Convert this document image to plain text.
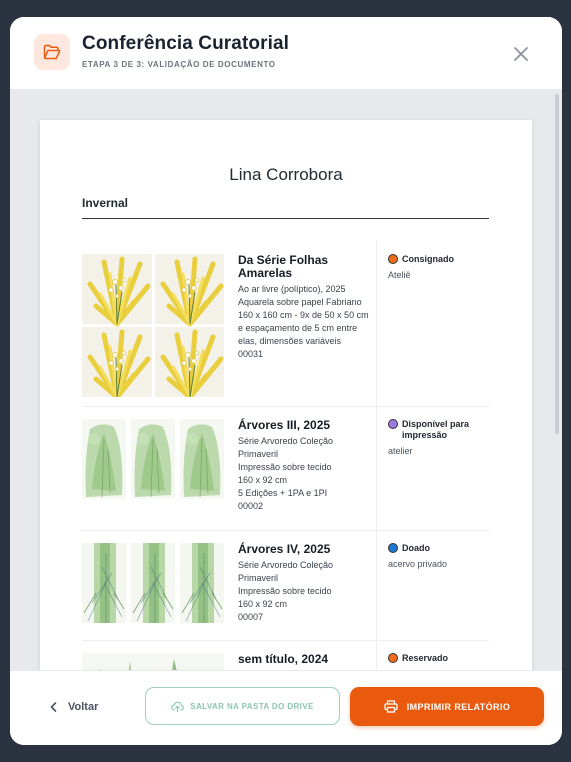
Conferência Curatorial
ETAPA 3 DE 3: VALIDAÇÃO DE DOCUMENTO
Lina Corrobora
Invernal
Da Série Folhas Amarelas
Ao ar livre (políptico), 2025
Aquarela sobre papel Fabriano
160 x 160 cm - 9x de 50 x 50 cm e espaçamento de 5 cm entre elas, dimensões variáveis
00031
Consignado
Ateliê
Árvores III, 2025
Série Arvoredo Coleção Primaveril
Impressão sobre tecido
160 x 92 cm
5 Edições + 1PA e 1PI
00002
Disponível para impressão
atelier
Árvores IV, 2025
Série Arvoredo Coleção Primaveril
Impressão sobre tecido
160 x 92 cm
00007
Doado
acervo privado
sem título, 2024	Reservado
Voltar	SALVAR NA PASTA DO DRIVE	IMPRIMIR RELATÓRIO
